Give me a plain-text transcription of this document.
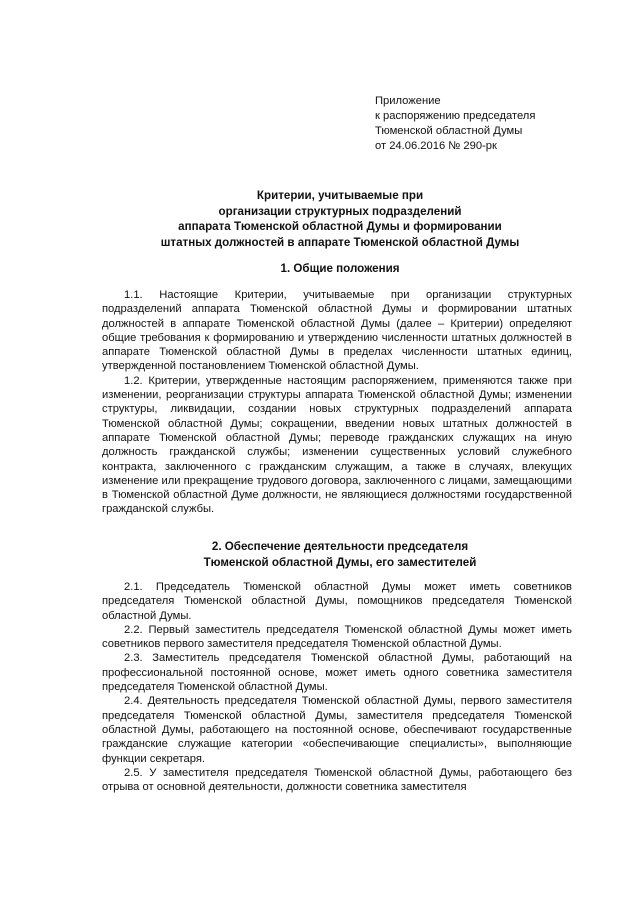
Приложение
к распоряжению председателя
Тюменской областной Думы
от 24.06.2016 № 290-рк
Критерии, учитываемые при
организации структурных подразделений
аппарата Тюменской областной Думы и формировании
штатных должностей в аппарате Тюменской областной Думы
1. Общие положения

1.1. Настоящие Критерии, учитываемые при организации структурных подразделений аппарата Тюменской областной Думы и формировании штатных должностей в аппарате Тюменской областной Думы (далее – Критерии) определяют общие требования к формированию и утверждению численности штатных должностей в аппарате Тюменской областной Думы в пределах численности штатных единиц, утвержденной постановлением Тюменской областной Думы.

1.2. Критерии, утвержденные настоящим распоряжением, применяются также при изменении, реорганизации структуры аппарата Тюменской областной Думы; изменении структуры, ликвидации, создании новых структурных подразделений аппарата Тюменской областной Думы; сокращении, введении новых штатных должностей в аппарате Тюменской областной Думы; переводе гражданских служащих на иную должность гражданской службы; изменении существенных условий служебного контракта, заключенного с гражданским служащим, а также в случаях, влекущих изменение или прекращение трудового договора, заключенного с лицами, замещающими в Тюменской областной Думе должности, не являющиеся должностями государственной гражданской службы.

2. Обеспечение деятельности председателя
Тюменской областной Думы, его заместителей

2.1. Председатель Тюменской областной Думы может иметь советников председателя Тюменской областной Думы, помощников председателя Тюменской областной Думы.

2.2. Первый заместитель председателя Тюменской областной Думы может иметь советников первого заместителя председателя Тюменской областной Думы.

2.3. Заместитель председателя Тюменской областной Думы, работающий на профессиональной постоянной основе, может иметь одного советника заместителя председателя Тюменской областной Думы.

2.4. Деятельность председателя Тюменской областной Думы, первого заместителя председателя Тюменской областной Думы, заместителя председателя Тюменской областной Думы, работающего на постоянной основе, обеспечивают государственные гражданские служащие категории «обеспечивающие специалисты», выполняющие функции секретаря.

2.5. У заместителя председателя Тюменской областной Думы, работающего без отрыва от основной деятельности, должности советника заместителя
